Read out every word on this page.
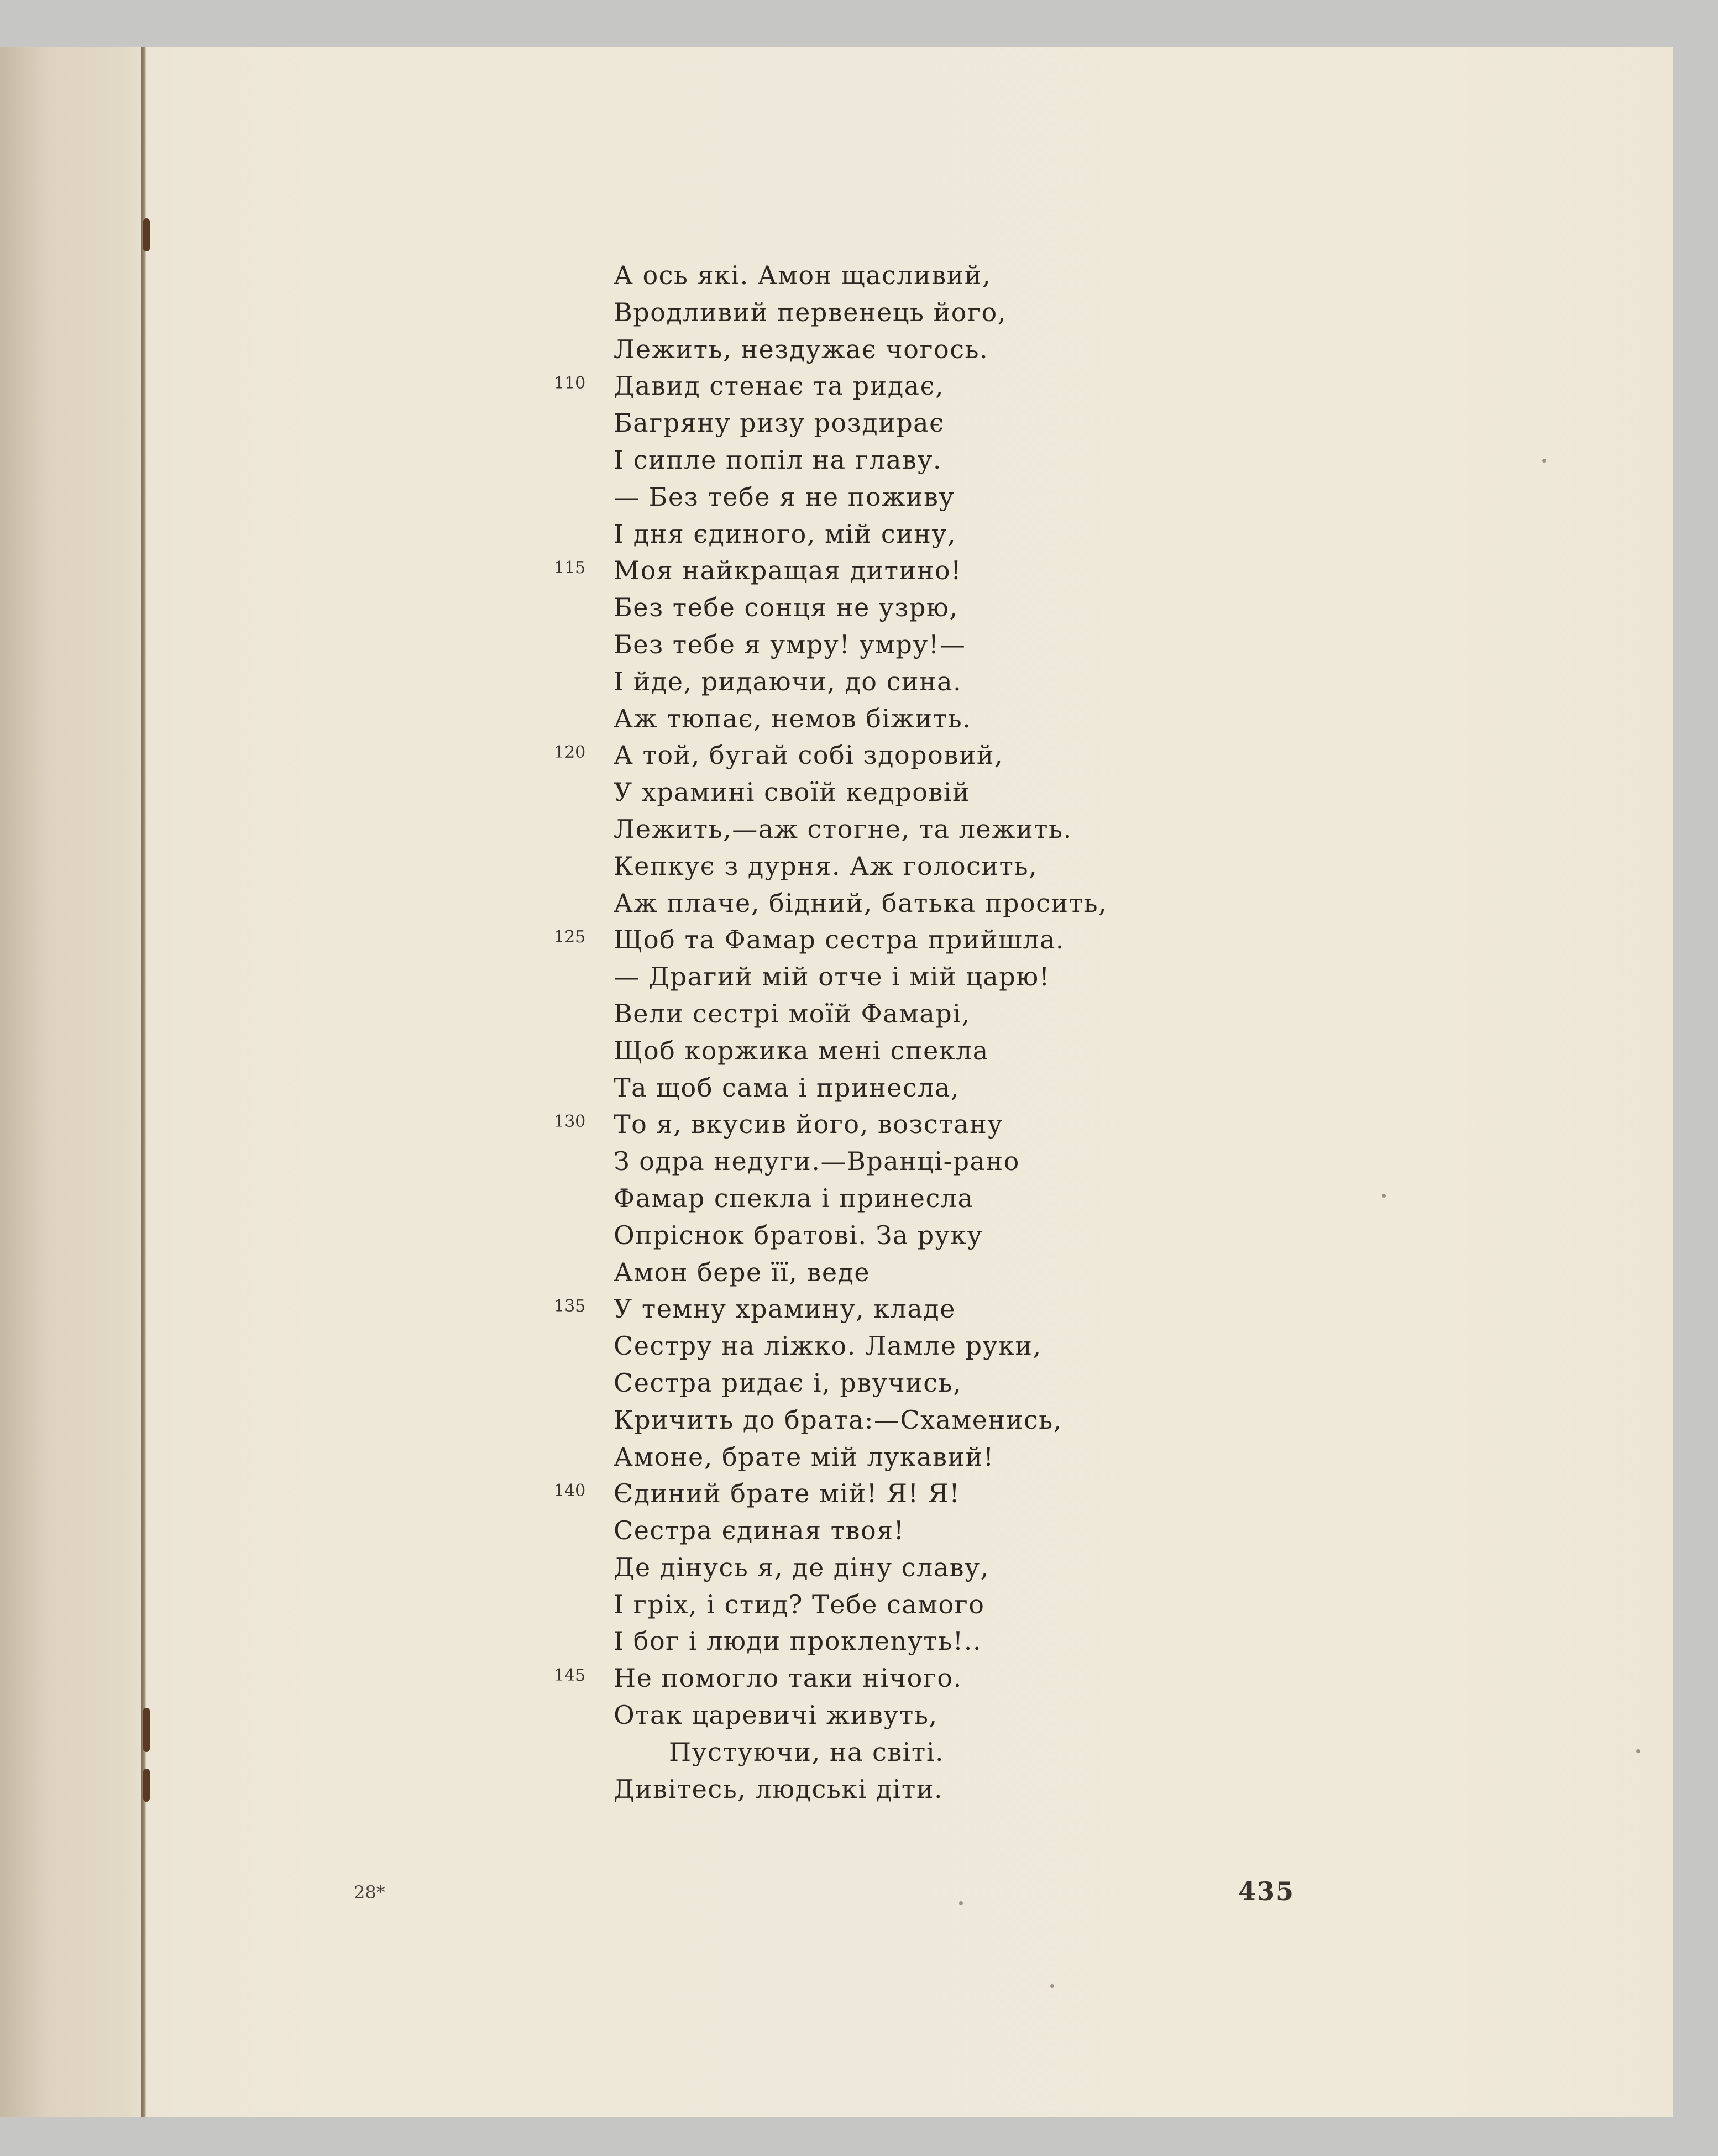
А ось які. Амон щасливий,
Вродливий первенець його,
Лежить, нездужає чогось.
110 Давид стенає та ридає,
Багряну ризу роздирає
І сипле попіл на главу.
— Без тебе я не поживу
І дня єдиного, мій сину,
115 Моя найкращая дитино!
Без тебе сонця не узрю,
Без тебе я умру! умру!—
І йде, ридаючи, до сина.
Аж тюпає, немов біжить.
120 А той, бугай собі здоровий,
У храмині своїй кедровій
Лежить,—аж стогне, та лежить.
Кепкує з дурня. Аж голосить,
Аж плаче, бідний, батька просить,
125 Щоб та Фамар сестра прийшла.
— Драгий мій отче і мій царю!
Вели сестрі моїй Фамарі,
Щоб коржика мені спекла
Та щоб сама і принесла,
130 То я, вкусив його, возстану
З одра недуги.—Вранці-рано
Фамар спекла і принесла
Опріснок братові. За руку
Амон бере її, веде
135 У темну храмину, кладе
Сестру на ліжко. Ламле руки,
Сестра ридає і, рвучись,
Кричить до брата:—Схаменись,
Амоне, брате мій лукавий!
140 Єдиний брате мій! Я! Я!
Сестра єдиная твоя!
Де дінусь я, де діну славу,
І гріх, і стид? Тебе самого
І бог і люди проклenуть!..
145 Не помогло таки нічого.
Отак царевичі живуть,
Пустуючи, на світі.
Дивітесь, людські діти.
28*	435
